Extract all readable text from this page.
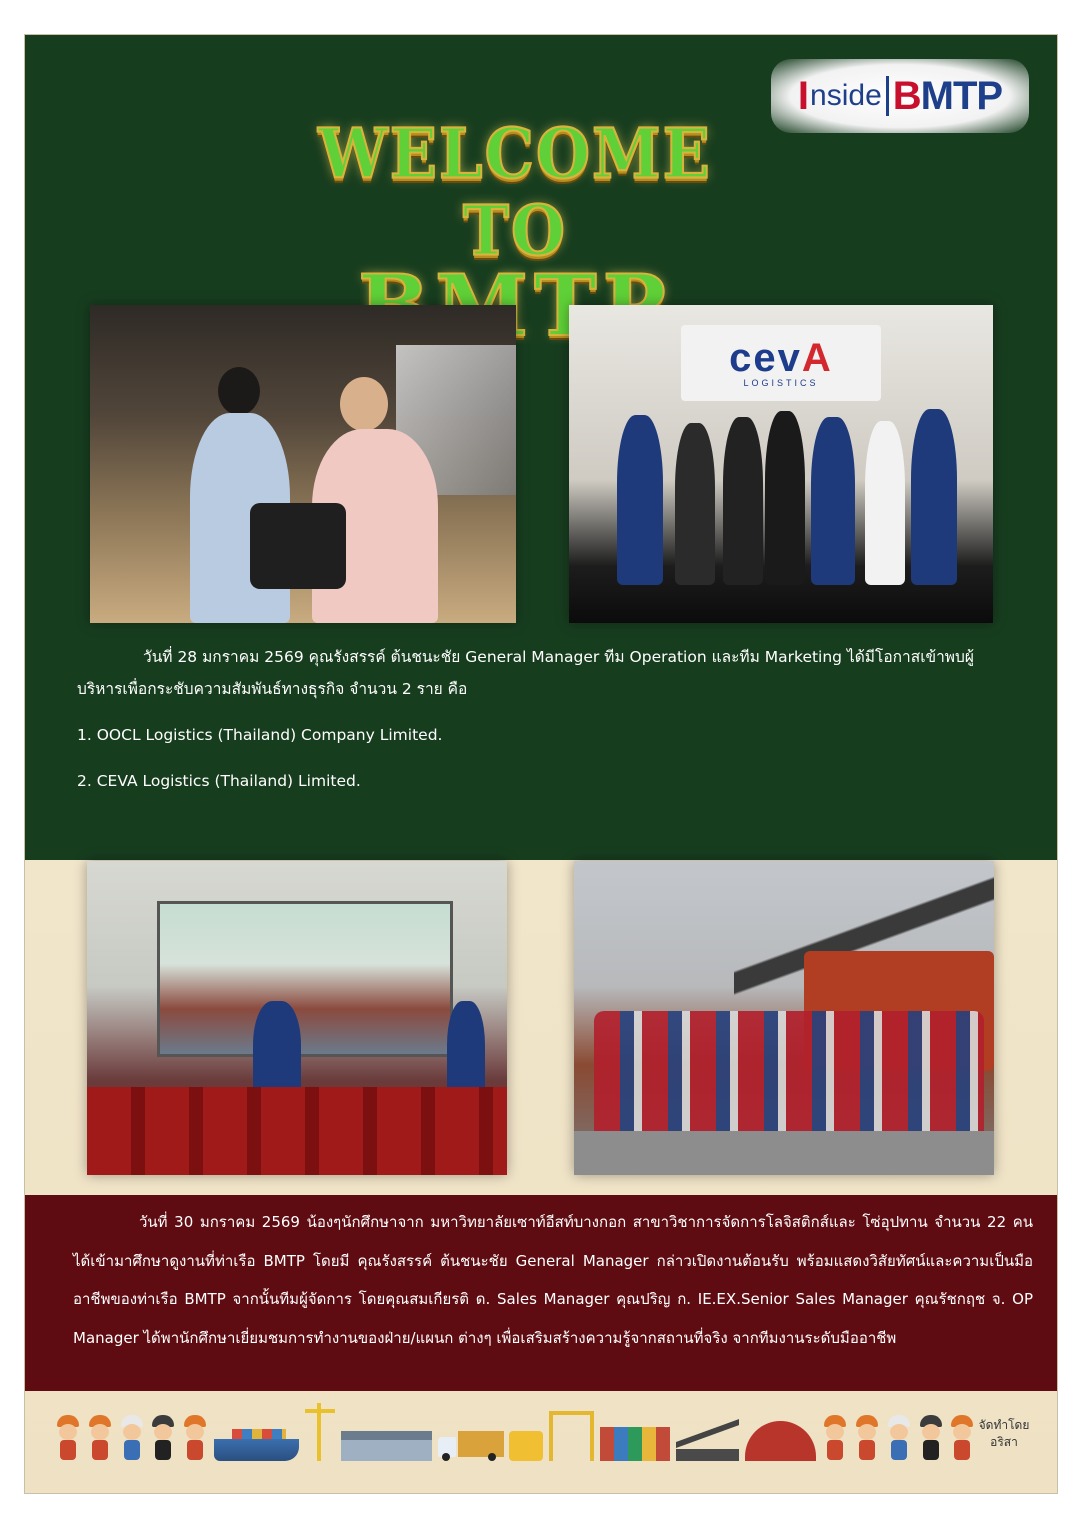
I nside BMTP
WELCOME TO
cevA
LOGISTICS
วันที่ 28 มกราคม 2569 คุณรังสรรค์ ต้นชนะชัย General Manager ทีม Operation และทีม Marketing ได้มีโอกาสเข้าพบผู้บริหารเพื่อกระชับความสัมพันธ์ทางธุรกิจ จำนวน 2 ราย คือ
1. OOCL Logistics (Thailand) Company Limited.
2. CEVA Logistics (Thailand) Limited.
วันที่ 30 มกราคม 2569 น้องๆนักศึกษาจาก มหาวิทยาลัยเซาท์อีสท์บางกอก สาขาวิชาการจัดการโลจิสติกส์และ โซ่อุปทาน จำนวน 22 คน ได้เข้ามาศึกษาดูงานที่ท่าเรือ BMTP โดยมี คุณรังสรรค์ ต้นชนะชัย General Manager กล่าวเปิดงานต้อนรับ พร้อมแสดงวิสัยทัศน์และความเป็นมืออาชีพของท่าเรือ BMTP จากนั้นทีมผู้จัดการ โดยคุณสมเกียรติ ด. Sales Manager คุณปริญ ก. IE.EX.Senior Sales Manager คุณรัชกฤช จ. OP Manager ได้พานักศึกษาเยี่ยมชมการทำงานของฝ่าย/แผนก ต่างๆ เพื่อเสริมสร้างความรู้จากสถานที่จริง จากทีมงานระดับมืออาชีพ
จัดทำโดย
อริสา
